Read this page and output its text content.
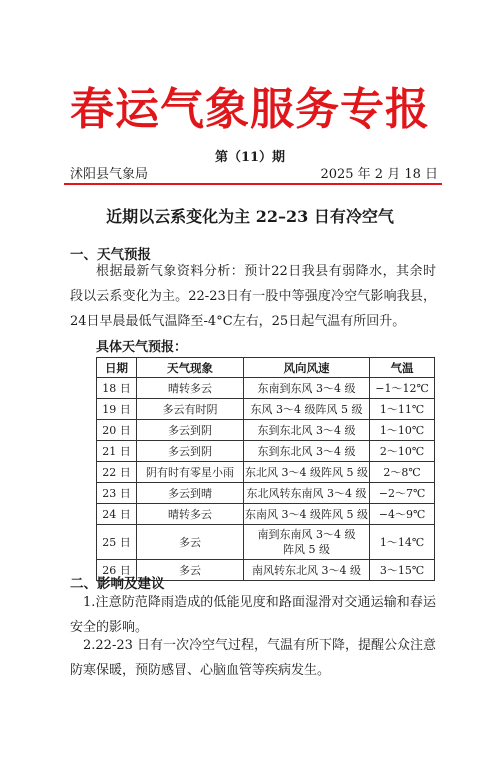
春运气象服务专报
第（11）期
沭阳县气象局	2025 年 2 月 18 日
近期以云系变化为主 22–23 日有冷空气
一、天气预报

根据最新气象资料分析：预计22日我县有弱降水，其余时段以云系变化为主。22-23日有一股中等强度冷空气影响我县，24日早晨最低气温降至-4°C左右，25日起气温有所回升。

具体天气预报：
日期	天气现象	风向风速	气温
18 日	晴转多云	东南到东风 3～4 级	−1～12℃
19 日	多云有时阴	东风 3～4 级阵风 5 级	1～11℃
20 日	多云到阴	东到东北风 3～4 级	1～10℃
21 日	多云到阴	东到东北风 3～4 级	2～10℃
22 日	阴有时有零星小雨	东北风 3～4 级阵风 5 级	2～8℃
23 日	多云到晴	东北风转东南风 3～4 级	−2～7℃
24 日	晴转多云	东南风 3～4 级阵风 5 级	−4～9℃
25 日	多云	南到东南风 3～4 级
阵风 5 级	1～14℃
26 日	多云	南风转东北风 3～4 级	3～15℃
二、影响及建议

1.注意防范降雨造成的低能见度和路面湿滑对交通运输和春运安全的影响。

2.22-23 日有一次冷空气过程，气温有所下降，提醒公众注意防寒保暖，预防感冒、心脑血管等疾病发生。
